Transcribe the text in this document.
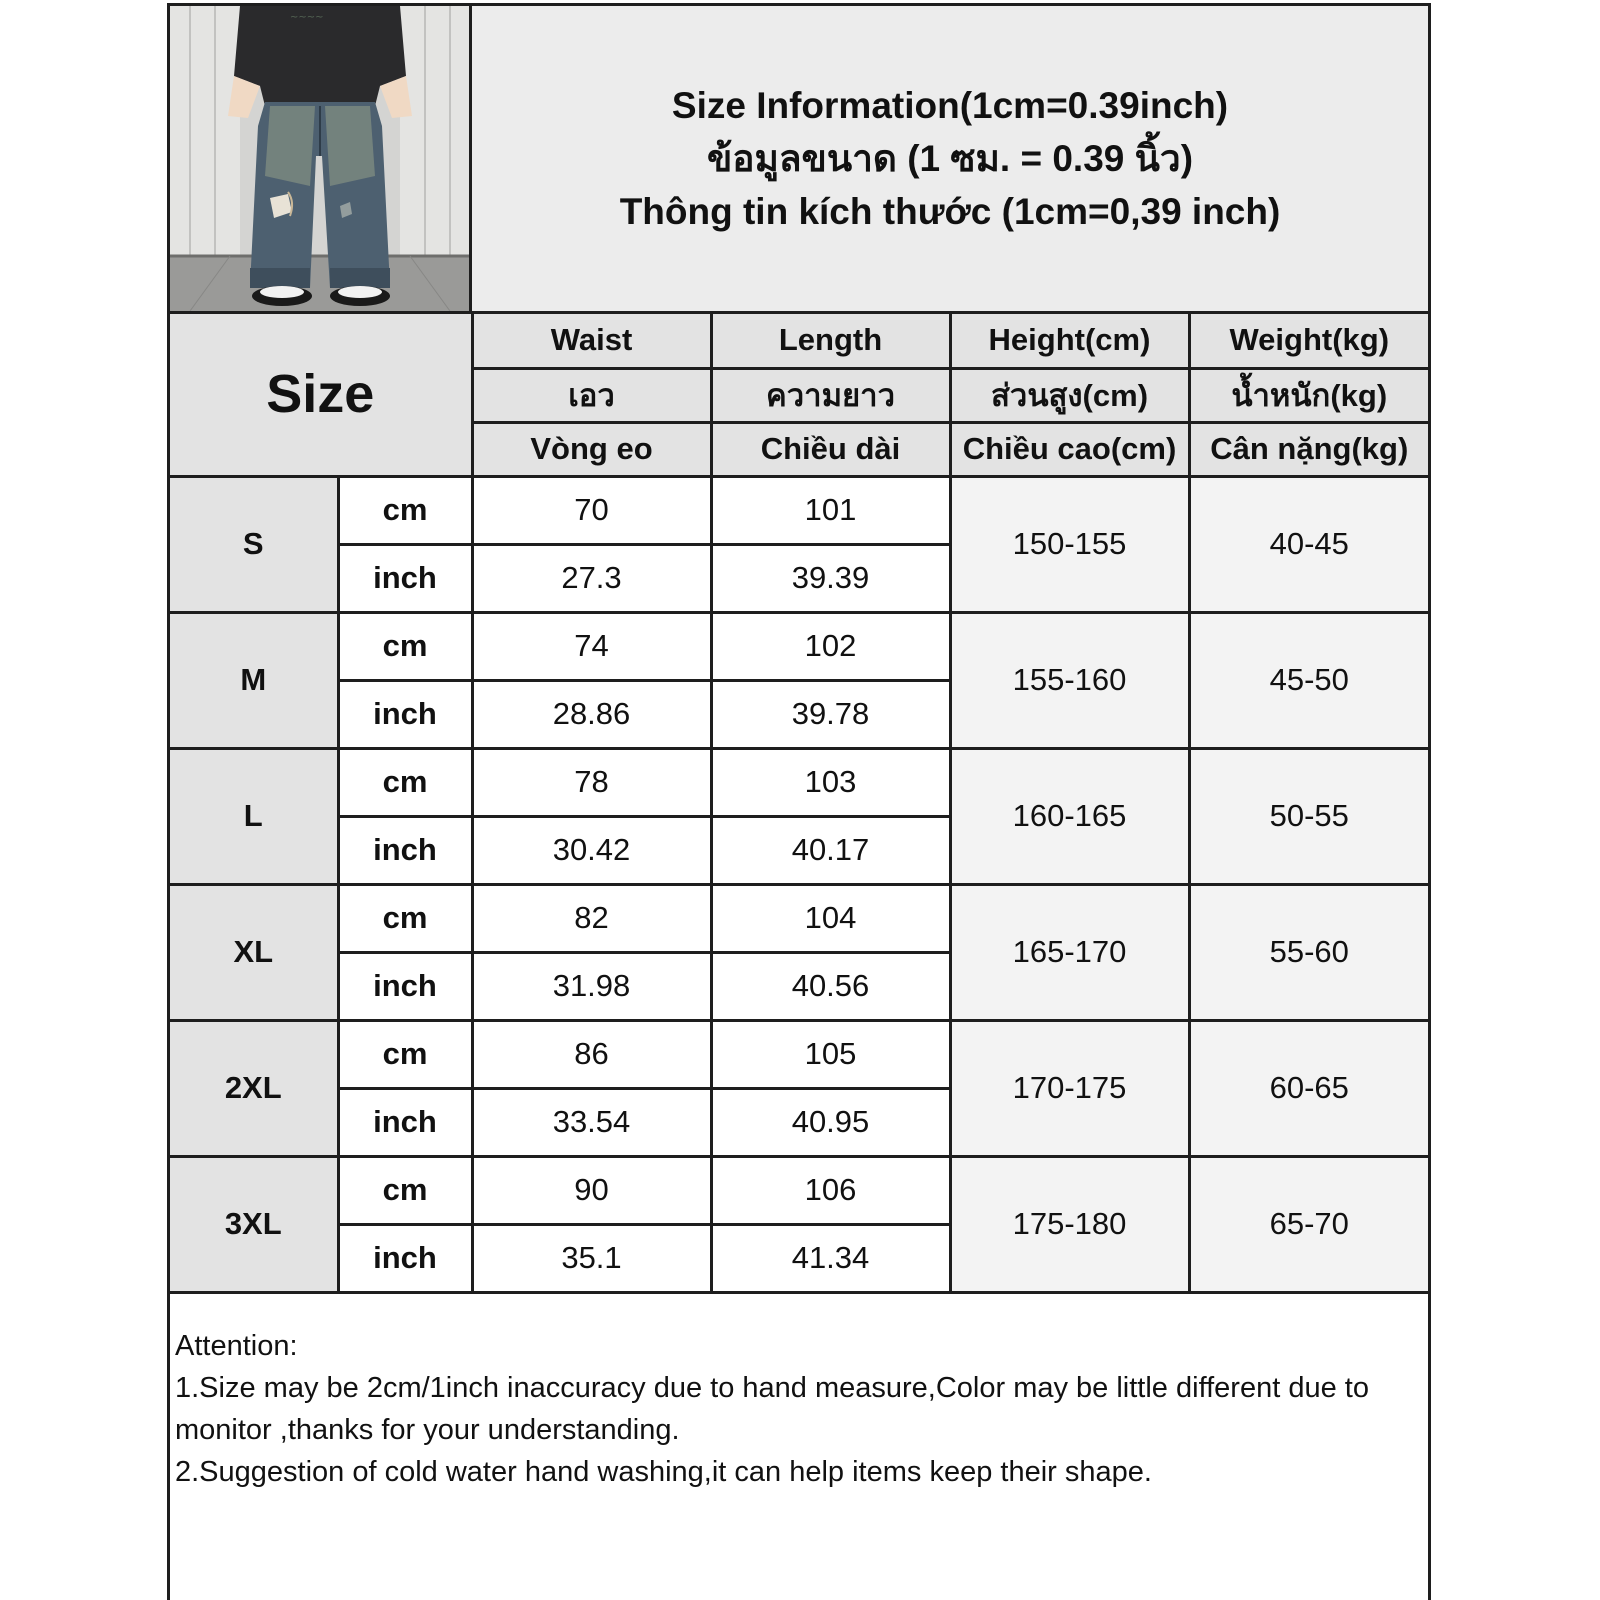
~~~~
Size Information(1cm=0.39inch)
ข้อมูลขนาด (1 ซม. = 0.39 นิ้ว)
Thông tin kích thước (1cm=0,39 inch)
Size		Waist	Length	Height(cm)	Weight(kg)
		เอว	ความยาว	ส่วนสูง(cm)	น้ำหนัก(kg)
		Vòng eo	Chiều dài	Chiều cao(cm)	Cân nặng(kg)
S	cm	70	101	150-155	40-45
	inch	27.3	39.39		
M	cm	74	102	155-160	45-50
	inch	28.86	39.78		
L	cm	78	103	160-165	50-55
	inch	30.42	40.17		
XL	cm	82	104	165-170	55-60
	inch	31.98	40.56		
2XL	cm	86	105	170-175	60-65
	inch	33.54	40.95		
3XL	cm	90	106	175-180	65-70
	inch	35.1	41.34		
Attention:
1.Size may be 2cm/1inch inaccuracy due to hand measure,Color may be little different due to monitor ,thanks for your understanding.
2.Suggestion of cold water hand washing,it can help items keep their shape.
